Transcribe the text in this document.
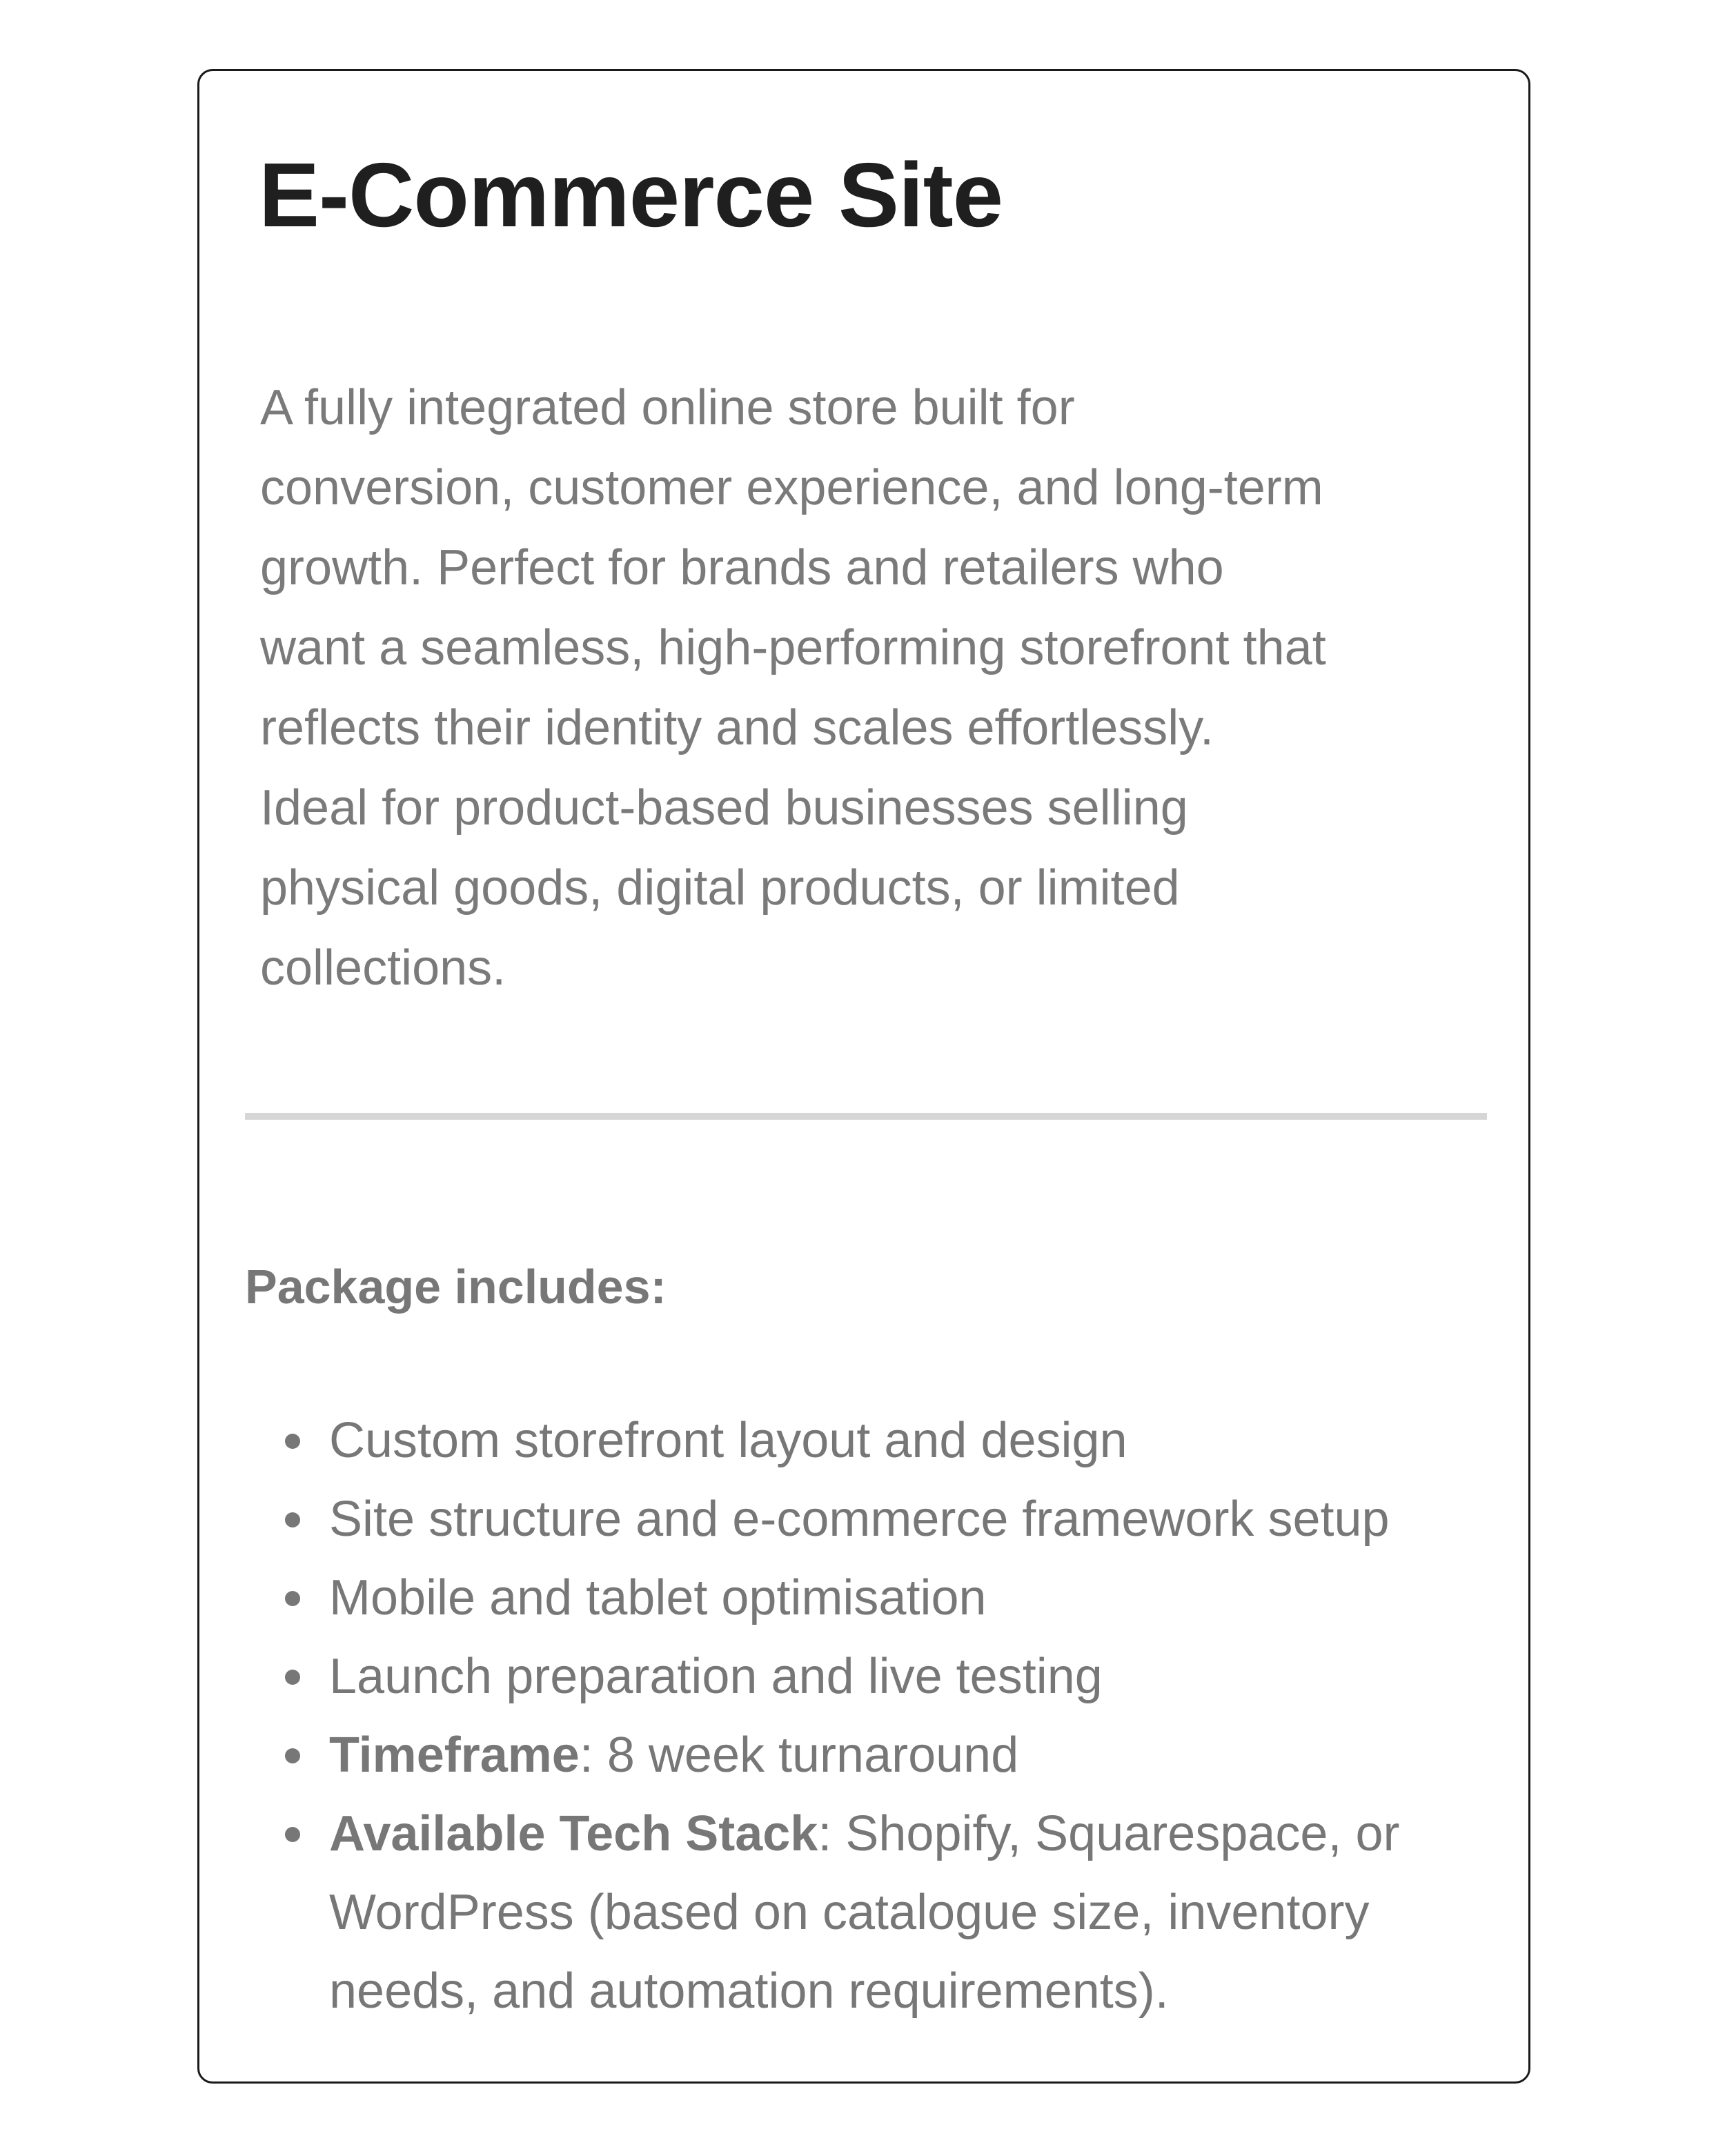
E-Commerce Site

A fully integrated online store built for
conversion, customer experience, and long-term
growth. Perfect for brands and retailers who
want a seamless, high-performing storefront that
reflects their identity and scales effortlessly.
Ideal for product-based businesses selling
physical goods, digital products, or limited
collections.

Package includes:

Custom storefront layout and design
Site structure and e-commerce framework setup
Mobile and tablet optimisation
Launch preparation and live testing
Timeframe: 8 week turnaround
Available Tech Stack: Shopify, Squarespace, or WordPress (based on catalogue size, inventory needs, and automation requirements).
